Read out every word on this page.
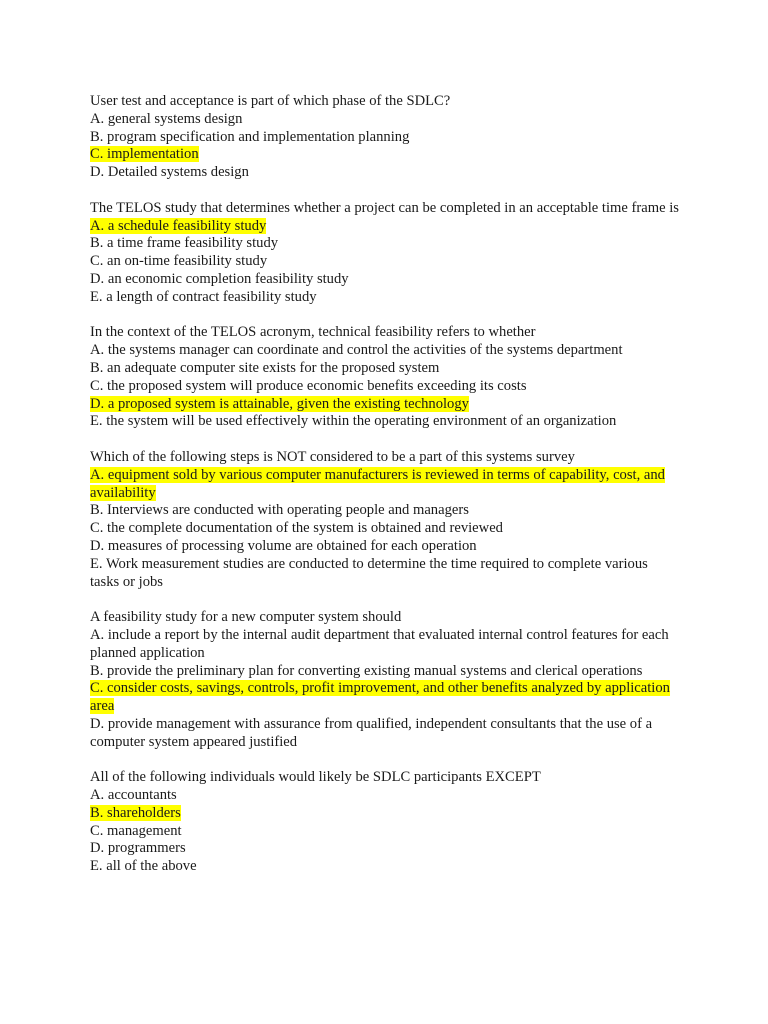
User test and acceptance is part of which phase of the SDLC?
A. general systems design
B. program specification and implementation planning
C. implementation
D. Detailed systems design
The TELOS study that determines whether a project can be completed in an acceptable time frame is
A. a schedule feasibility study
B. a time frame feasibility study
C. an on-time feasibility study
D. an economic completion feasibility study
E. a length of contract feasibility study
In the context of the TELOS acronym, technical feasibility refers to whether
A. the systems manager can coordinate and control the activities of the systems department
B. an adequate computer site exists for the proposed system
C. the proposed system will produce economic benefits exceeding its costs
D. a proposed system is attainable, given the existing technology
E. the system will be used effectively within the operating environment of an organization
Which of the following steps is NOT considered to be a part of this systems survey
A. equipment sold by various computer manufacturers is reviewed in terms of capability, cost, and availability
B. Interviews are conducted with operating people and managers
C. the complete documentation of the system is obtained and reviewed
D. measures of processing volume are obtained for each operation
E. Work measurement studies are conducted to determine the time required to complete various tasks or jobs
A feasibility study for a new computer system should
A. include a report by the internal audit department that evaluated internal control features for each planned application
B. provide the preliminary plan for converting existing manual systems and clerical operations
C. consider costs, savings, controls, profit improvement, and other benefits analyzed by application area
D. provide management with assurance from qualified, independent consultants that the use of a computer system appeared justified
All of the following individuals would likely be SDLC participants EXCEPT
A. accountants
B. shareholders
C. management
D. programmers
E. all of the above
